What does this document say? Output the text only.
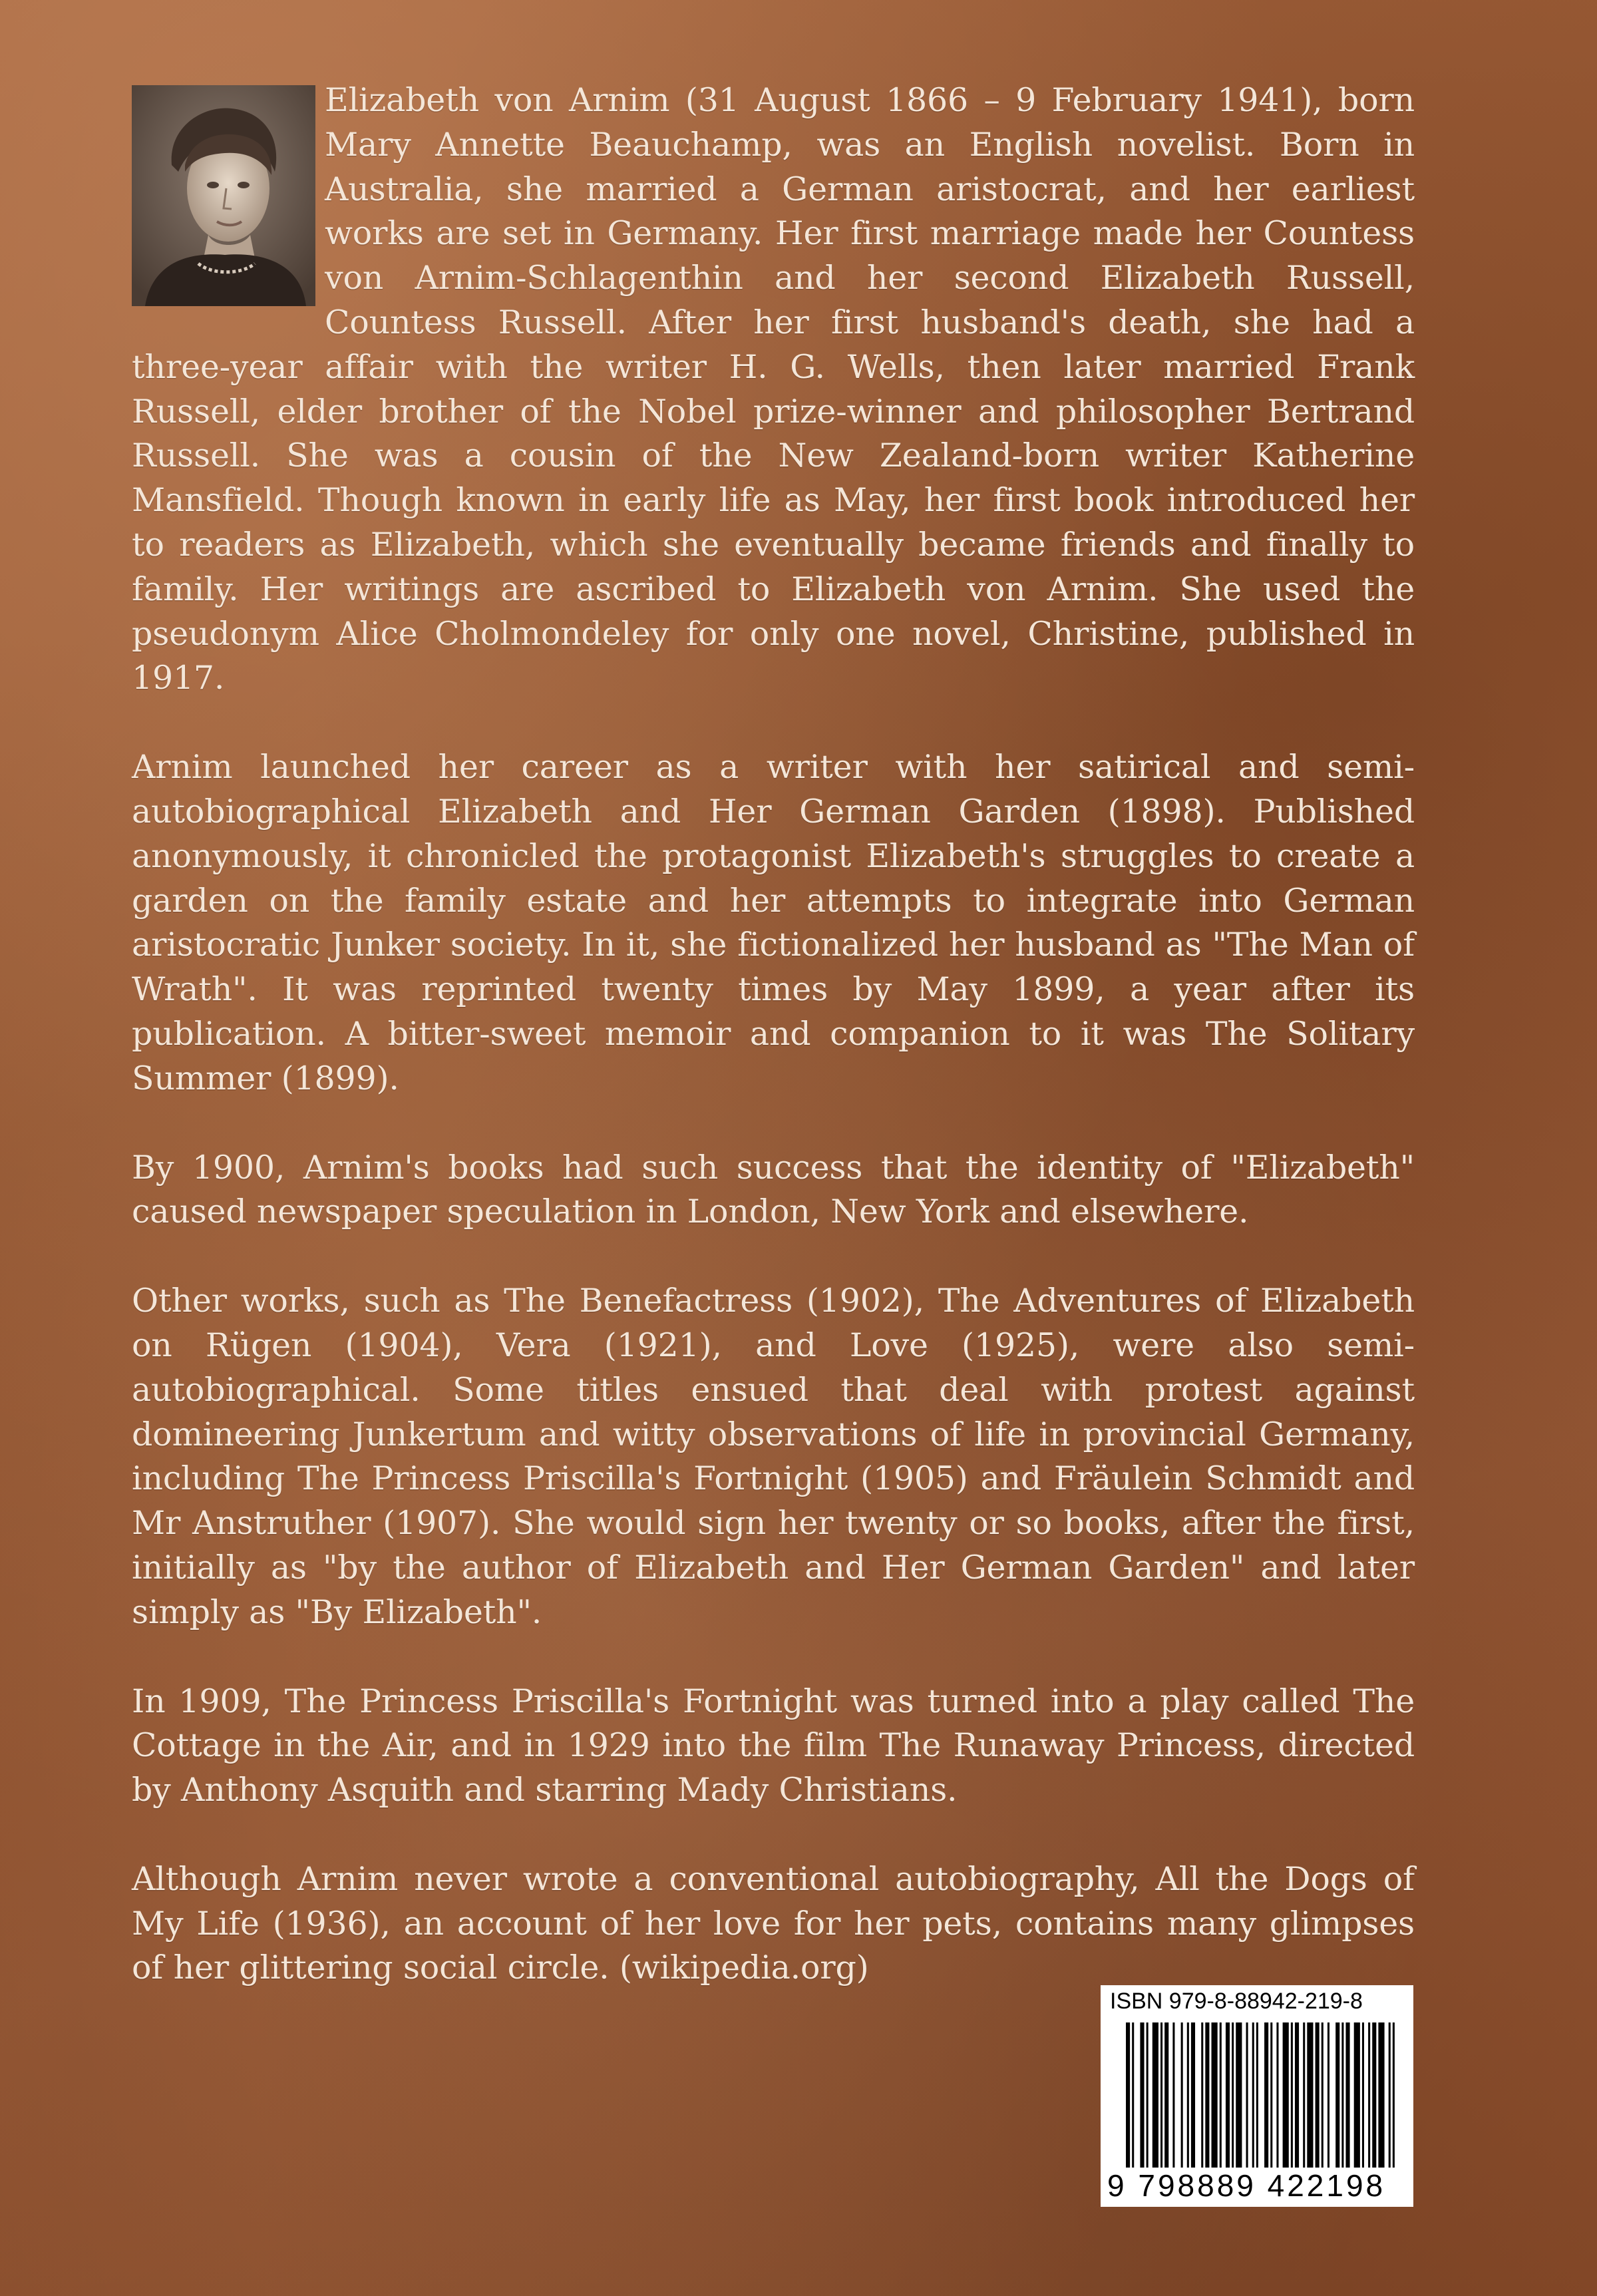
Elizabeth von Arnim (31 August 1866 – 9 February 1941), born Mary Annette Beauchamp, was an English novelist. Born in Australia, she married a German aristocrat, and her earliest works are set in Germany. Her first marriage made her Countess von Arnim-Schlagenthin and her second Elizabeth Russell, Countess Russell. After her first husband's death, she had a three-year affair with the writer H. G. Wells, then later married Frank Russell, elder brother of the Nobel prize-winner and philosopher Bertrand Russell. She was a cousin of the New Zealand-born writer Katherine Mansfield. Though known in early life as May, her first book introduced her to readers as Elizabeth, which she eventually became friends and finally to family. Her writings are ascribed to Elizabeth von Arnim. She used the pseudonym Alice Cholmondeley for only one novel, Christine, published in 1917.

Arnim launched her career as a writer with her satirical and semi-autobiographical Elizabeth and Her German Garden (1898). Published anonymously, it chronicled the protagonist Elizabeth's struggles to create a garden on the family estate and her attempts to integrate into German aristocratic Junker society. In it, she fictionalized her husband as "The Man of Wrath". It was reprinted twenty times by May 1899, a year after its publication. A bitter-sweet memoir and companion to it was The Solitary Summer (1899).

By 1900, Arnim's books had such success that the identity of "Elizabeth" caused newspaper speculation in London, New York and elsewhere.

Other works, such as The Benefactress (1902), The Adventures of Elizabeth on Rügen (1904), Vera (1921), and Love (1925), were also semi-autobiographical. Some titles ensued that deal with protest against domineering Junkertum and witty observations of life in provincial Germany, including The Princess Priscilla's Fortnight (1905) and Fräulein Schmidt and Mr Anstruther (1907). She would sign her twenty or so books, after the first, initially as "by the author of Elizabeth and Her German Garden" and later simply as "By Elizabeth".

In 1909, The Princess Priscilla's Fortnight was turned into a play called The Cottage in the Air, and in 1929 into the film The Runaway Princess, directed by Anthony Asquith and starring Mady Christians.

Although Arnim never wrote a conventional autobiography, All the Dogs of My Life (1936), an account of her love for her pets, contains many glimpses of her glittering social circle. (wikipedia.org)

ISBN 979-8-88942-219-8
9 798889 422198
